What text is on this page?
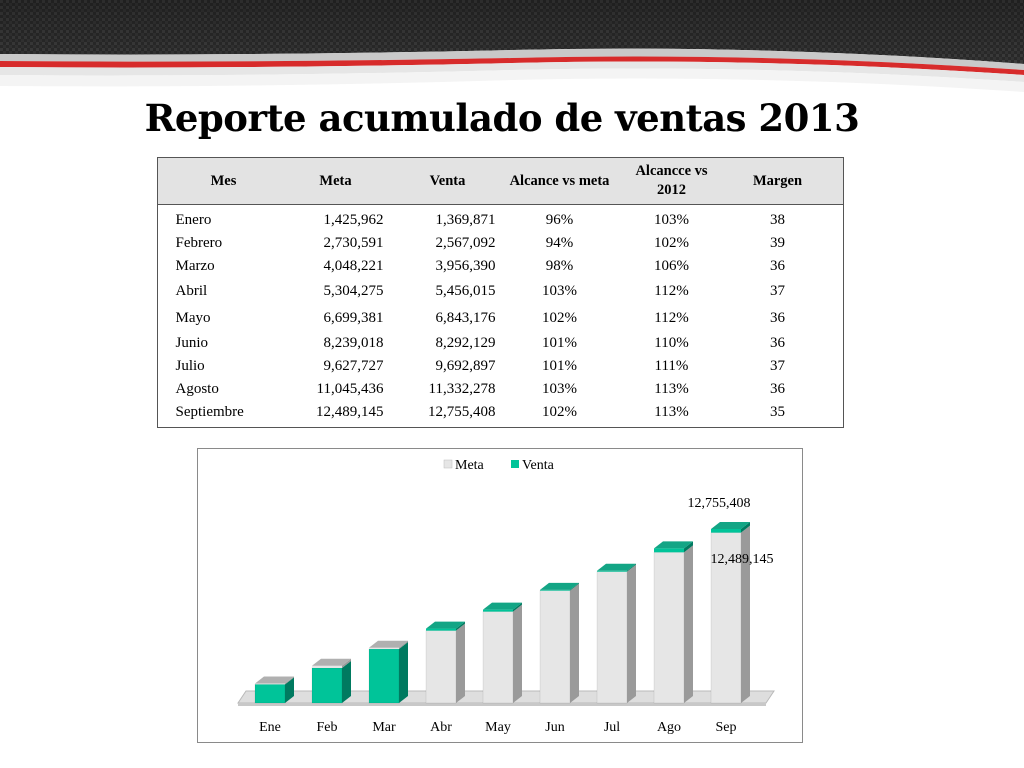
Reporte acumulado de ventas 2013
	Mes	Meta	Venta	Alcance vs meta	Alcancce vs 2012	Margen	
	Enero	1,425,962	1,369,871	96%	103%	38	
	Febrero	2,730,591	2,567,092	94%	102%	39	
	Marzo	4,048,221	3,956,390	98%	106%	36	
	Abril	5,304,275	5,456,015	103%	112%	37	
	Mayo	6,699,381	6,843,176	102%	112%	36	
	Junio	8,239,018	8,292,129	101%	110%	36	
	Julio	9,627,727	9,692,897	101%	111%	37	
	Agosto	11,045,436	11,332,278	103%	113%	36	
	Septiembre	12,489,145	12,755,408	102%	113%	35	
Meta	Venta
Ene	Feb Mar Abr May Jun	Jul	Ago Sep
12,755,408
12,489,145
